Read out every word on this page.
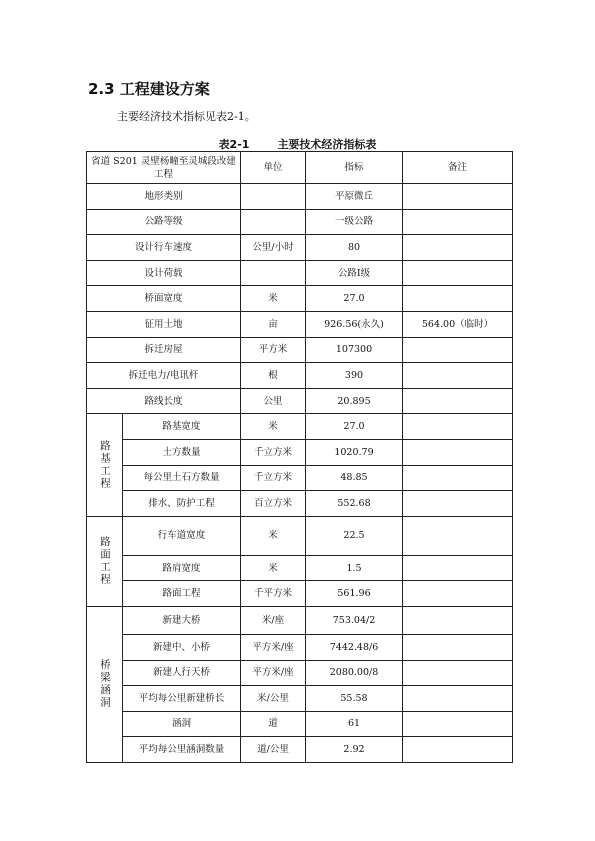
2.3 工程建设方案
主要经济技术指标见表2-1。
表2-1	主要技术经济指标表
省道 S201 灵壁杨疃至灵城段改建工程		单位	指标	备注
地形类别			平原微丘	
公路等级			一级公路	
设计行车速度		公里/小时	80	
设计荷载			公路Ⅰ级	
桥面宽度		米	27.0	
征用土地		亩	926.56(永久)	564.00（临时）
拆迁房屋		平方米	107300	
拆迁电力/电讯杆		根	390	
路线长度		公里	20.895	
路基工程	路基宽度	米	27.0	
	土方数量	千立方米	1020.79	
	每公里土石方数量	千立方米	48.85	
	排水、防护工程	百立方米	552.68	
路面工程	行车道宽度	米	22.5	
	路肩宽度	米	1.5	
	路面工程	千平方米	561.96	
桥梁涵洞	新建大桥	米/座	753.04/2	
	新建中、小桥	平方米/座	7442.48/6	
	新建人行天桥	平方米/座	2080.00/8	
	平均每公里新建桥长	米/公里	55.58	
	涵洞	道	61	
	平均每公里涵洞数量	道/公里	2.92	
